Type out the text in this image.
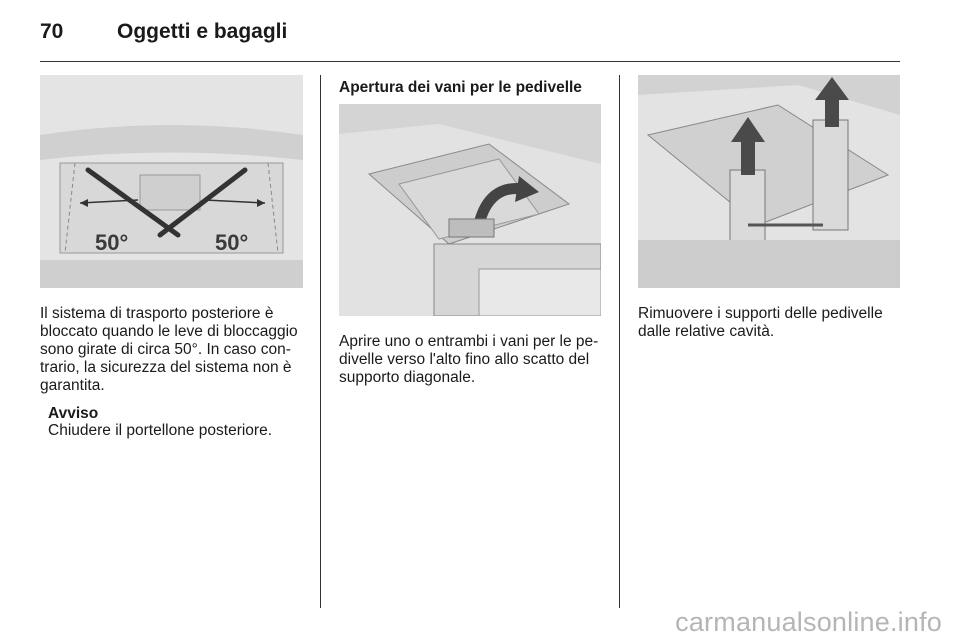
70	Oggetti e bagagli
50°	50°

Il sistema di trasporto posteriore è bloccato quando le leve di bloccaggio sono girate di circa 50°. In caso con-trario, la sicurezza del sistema non è garantita.

Avviso

Chiudere il portellone posteriore.

Apertura dei vani per le pedivelle

Aprire uno o entrambi i vani per le pe-divelle verso l'alto fino allo scatto del supporto diagonale.

Rimuovere i supporti delle pedivelle dalle relative cavità.

carmanualsonline.info
